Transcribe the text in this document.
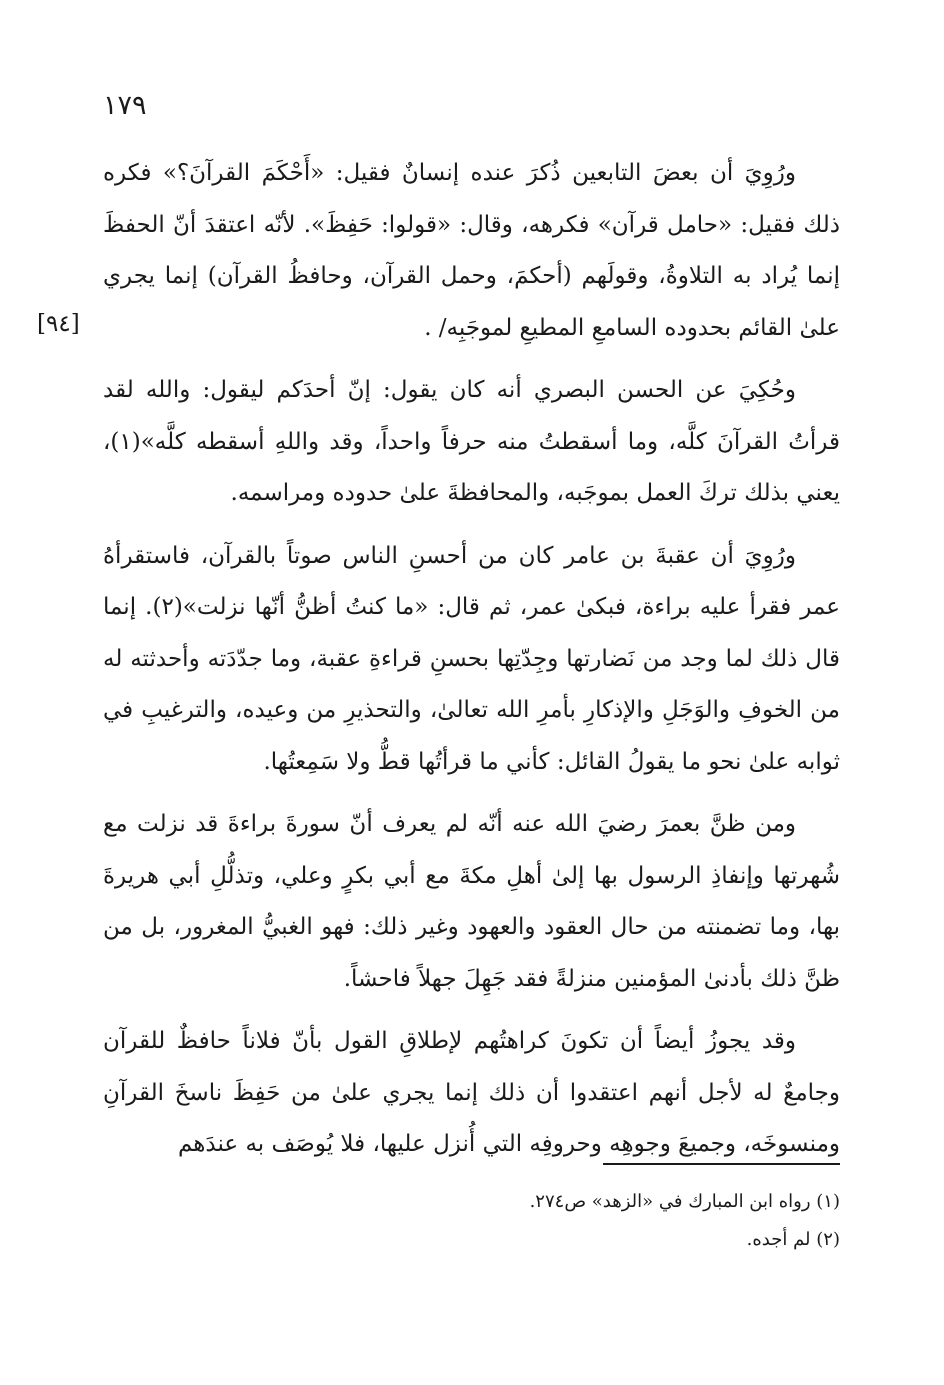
١٧٩
[٩٤]

ورُوِيَ أن بعضَ التابعين ذُكرَ عنده إنسانٌ فقيل: «أَحْكَمَ القرآنَ؟» فكره ذلك فقيل: «حامل قرآن» فكرهه، وقال: «قولوا: حَفِظَ». لأنّه اعتقدَ أنّ الحفظَ إنما يُراد به التلاوةُ، وقولَهم (أحكمَ، وحمل القرآن، وحافظُ القرآن) إنما يجري علىٰ القائم بحدوده السامعِ المطيعِ لموجَبِه/ .

وحُكِيَ عن الحسن البصري أنه كان يقول: إنّ أحدَكم ليقول: والله لقد قرأتُ القرآنَ كلَّه، وما أسقطتُ منه حرفاً واحداً، وقد واللهِ أسقطه كلَّه»(١)، يعني بذلك تركَ العمل بموجَبه، والمحافظةَ علىٰ حدوده ومراسمه.

ورُوِيَ أن عقبةَ بن عامر كان من أحسنِ الناس صوتاً بالقرآن، فاستقرأهُ عمر فقرأ عليه براءة، فبكىٰ عمر، ثم قال: «ما كنتُ أظنُّ أنّها نزلت»(٢). إنما قال ذلك لما وجد من نَضارتها وجِدّتِها بحسنِ قراءةِ عقبة، وما جدّدَته وأحدثته له من الخوفِ والوَجَلِ والإذكارِ بأمرِ الله تعالىٰ، والتحذيرِ من وعيده، والترغيبِ في ثوابه علىٰ نحو ما يقولُ القائل: كأني ما قرأتُها قطُّ ولا سَمِعتُها.

ومن ظنَّ بعمرَ رضيَ الله عنه أنّه لم يعرف أنّ سورةَ براءةَ قد نزلت مع شُهرتها وإنفاذِ الرسول بها إلىٰ أهلِ مكةَ مع أبي بكرٍ وعلي، وتذلُّلِ أبي هريرةَ بها، وما تضمنته من حال العقود والعهود وغير ذلك: فهو الغبيُّ المغرور، بل من ظنَّ ذلك بأدنىٰ المؤمنين منزلةً فقد جَهِلَ جهلاً فاحشاً.

وقد يجوزُ أيضاً أن تكونَ كراهتُهم لإطلاقِ القول بأنّ فلاناً حافظٌ للقرآن وجامعٌ له لأجل أنهم اعتقدوا أن ذلك إنما يجري علىٰ من حَفِظَ ناسخَ القرآنِ ومنسوخَه، وجميعَ وجوهِه وحروفِه التي أُنزل عليها، فلا يُوصَف به عندَهم

(١) رواه ابن المبارك في «الزهد» ص٢٧٤.

(٢) لم أجده.
